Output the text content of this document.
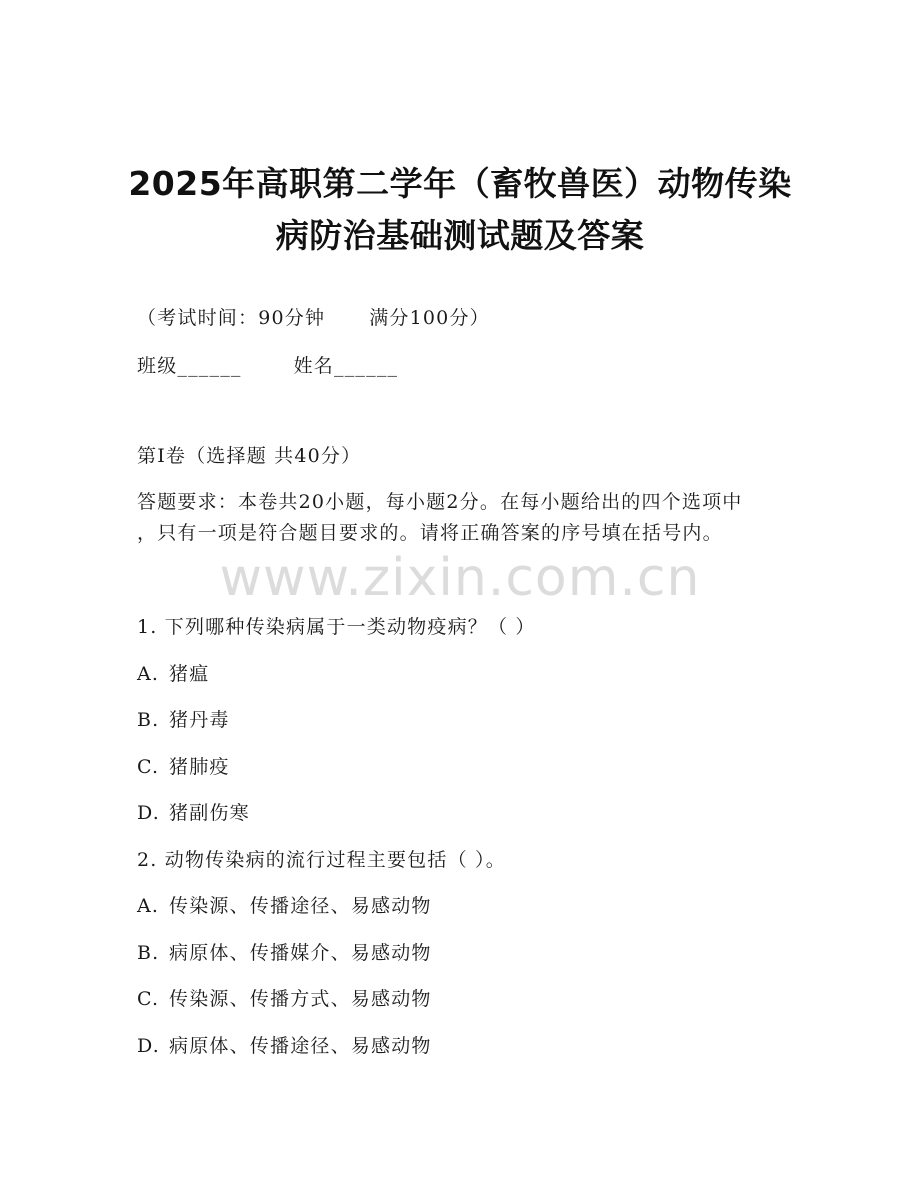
2025年高职第二学年（畜牧兽医）动物传染
病防治基础测试题及答案
（考试时间：90分钟 满分100分）
班级______	姓名______
第I卷（选择题 共40分）
答题要求：本卷共20小题，每小题2分。在每小题给出的四个选项中
，只有一项是符合题目要求的。请将正确答案的序号填在括号内。
www.zixin.com.cn
1. 下列哪种传染病属于一类动物疫病？（ ）
A. 猪瘟
B. 猪丹毒
C. 猪肺疫
D. 猪副伤寒
2. 动物传染病的流行过程主要包括（ ）。
A. 传染源、传播途径、易感动物
B. 病原体、传播媒介、易感动物
C. 传染源、传播方式、易感动物
D. 病原体、传播途径、易感动物
